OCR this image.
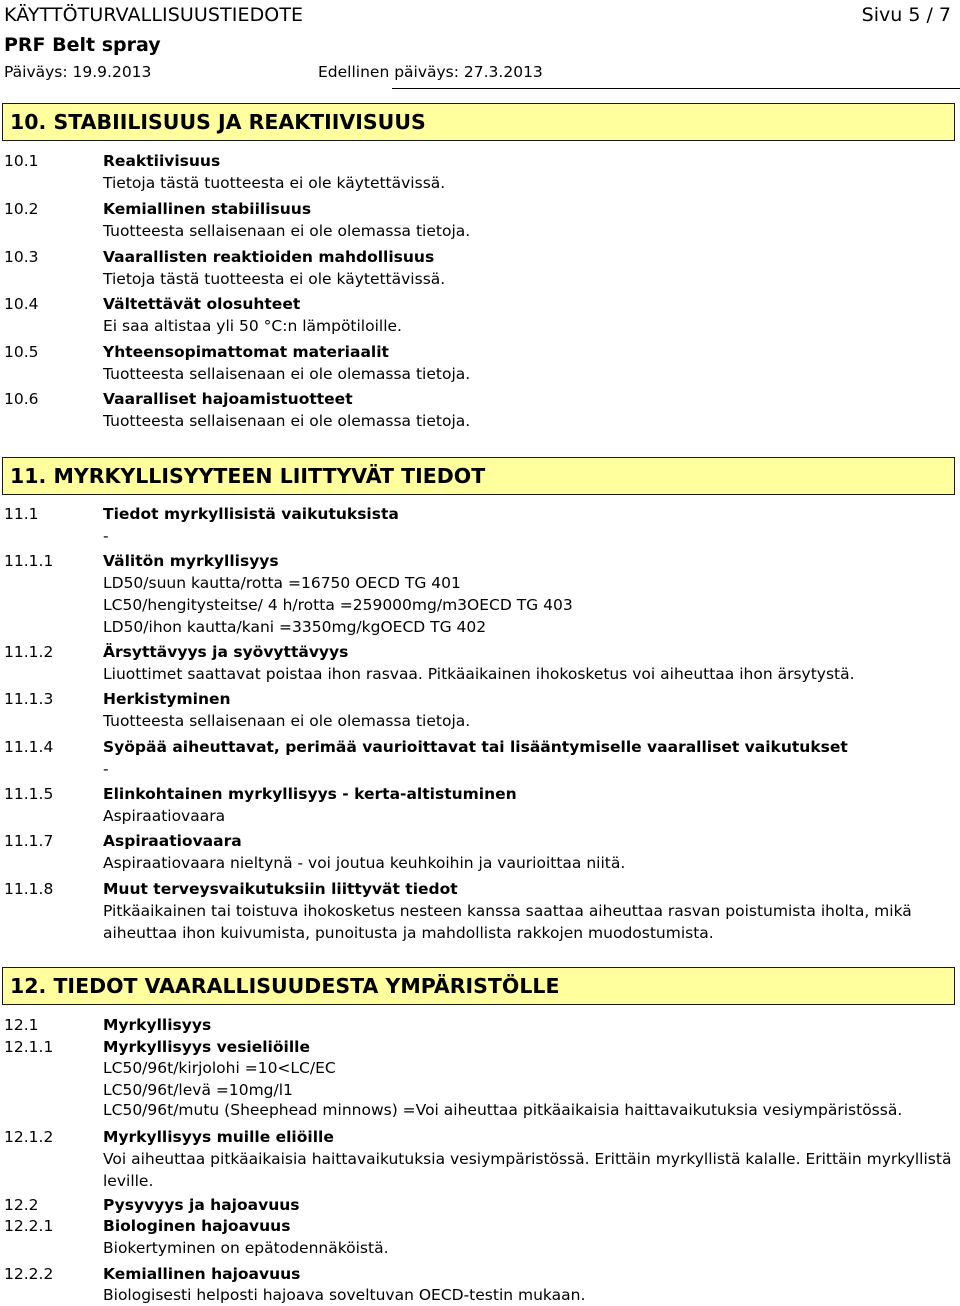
KÄYTTÖTURVALLISUUSTIEDOTE	Sivu 5 / 7
PRF Belt spray
Päiväys: 19.9.2013	Edellinen päiväys: 27.3.2013
10. STABIILISUUS JA REAKTIIVISUUS
10.1	Reaktiivisuus
Tietoja tästä tuotteesta ei ole käytettävissä.
10.2	Kemiallinen stabiilisuus
Tuotteesta sellaisenaan ei ole olemassa tietoja.
10.3	Vaarallisten reaktioiden mahdollisuus
Tietoja tästä tuotteesta ei ole käytettävissä.
10.4	Vältettävät olosuhteet
Ei saa altistaa yli 50 °C:n lämpötiloille.
10.5	Yhteensopimattomat materiaalit
Tuotteesta sellaisenaan ei ole olemassa tietoja.
10.6	Vaaralliset hajoamistuotteet
Tuotteesta sellaisenaan ei ole olemassa tietoja.
11. MYRKYLLISYYTEEN LIITTYVÄT TIEDOT
11.1	Tiedot myrkyllisistä vaikutuksista
-
11.1.1	Välitön myrkyllisyys
LD50/suun kautta/rotta =16750 OECD TG 401
LC50/hengitysteitse/ 4 h/rotta =259000mg/m3OECD TG 403
LD50/ihon kautta/kani =3350mg/kgOECD TG 402
11.1.2	Ärsyttävyys ja syövyttävyys
Liuottimet saattavat poistaa ihon rasvaa. Pitkäaikainen ihokosketus voi aiheuttaa ihon ärsytystä.
11.1.3	Herkistyminen
Tuotteesta sellaisenaan ei ole olemassa tietoja.
11.1.4	Syöpää aiheuttavat, perimää vaurioittavat tai lisääntymiselle vaaralliset vaikutukset
-
11.1.5	Elinkohtainen myrkyllisyys - kerta-altistuminen
Aspiraatiovaara
11.1.7	Aspiraatiovaara
Aspiraatiovaara nieltynä - voi joutua keuhkoihin ja vaurioittaa niitä.
11.1.8	Muut terveysvaikutuksiin liittyvät tiedot
Pitkäaikainen tai toistuva ihokosketus nesteen kanssa saattaa aiheuttaa rasvan poistumista iholta, mikä aiheuttaa ihon kuivumista, punoitusta ja mahdollista rakkojen muodostumista.
12. TIEDOT VAARALLISUUDESTA YMPÄRISTÖLLE
12.1	Myrkyllisyys
12.1.1	Myrkyllisyys vesieliöille
LC50/96t/kirjolohi =10<LC/EC
LC50/96t/levä =10mg/l1
LC50/96t/mutu (Sheephead minnows) =Voi aiheuttaa pitkäaikaisia haittavaikutuksia vesiympäristössä.
12.1.2	Myrkyllisyys muille eliöille
Voi aiheuttaa pitkäaikaisia haittavaikutuksia vesiympäristössä. Erittäin myrkyllistä kalalle. Erittäin myrkyllistä leville.
12.2	Pysyvyys ja hajoavuus
12.2.1	Biologinen hajoavuus
Biokertyminen on epätodennäköistä.
12.2.2	Kemiallinen hajoavuus
Biologisesti helposti hajoava soveltuvan OECD-testin mukaan.
